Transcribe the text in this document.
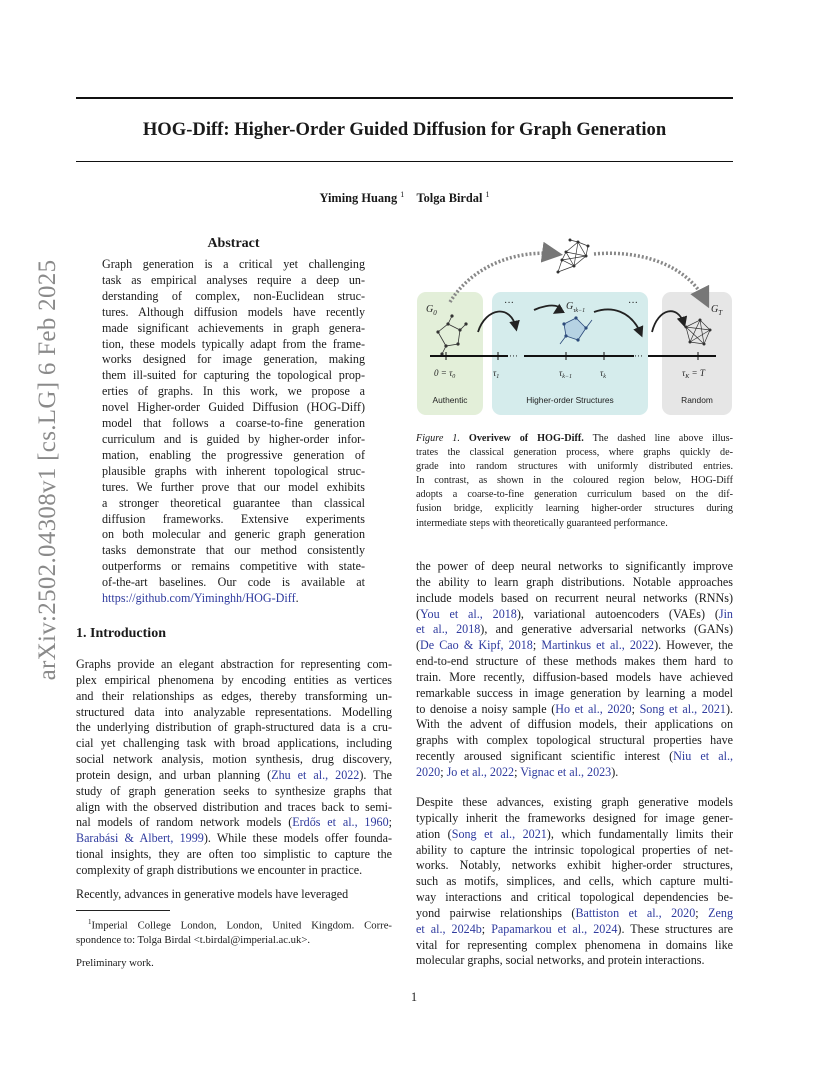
HOG-Diff: Higher-Order Guided Diffusion for Graph Generation
Yiming Huang $^1$ Tolga Birdal $^1$
arXiv:2502.04308v1 [cs.LG] 6 Feb 2025
Abstract
Graph generation is a critical yet challenging
task as empirical analyses require a deep un-
derstanding of complex, non-Euclidean struc-
tures. Although diffusion models have recently
made significant achievements in graph genera-
tion, these models typically adapt from the frame-
works designed for image generation, making
them ill-suited for capturing the topological prop-
erties of graphs. In this work, we propose a
novel Higher-order Guided Diffusion (HOG-Diff)
model that follows a coarse-to-fine generation
curriculum and is guided by higher-order infor-
mation, enabling the progressive generation of
plausible graphs with inherent topological struc-
tures. We further prove that our model exhibits
a stronger theoretical guarantee than classical
diffusion frameworks. Extensive experiments
on both molecular and generic graph generation
tasks demonstrate that our method consistently
outperforms or remains competitive with state-
of-the-art baselines. Our code is available at
https://github.com/Yiminghh/HOG-Diff.
1. Introduction
Graphs provide an elegant abstraction for representing com-
plex empirical phenomena by encoding entities as vertices
and their relationships as edges, thereby transforming un-
structured data into analyzable representations. Modelling
the underlying distribution of graph-structured data is a cru-
cial yet challenging task with broad applications, including
social network analysis, motion synthesis, drug discovery,
protein design, and urban planning (Zhu et al., 2022). The
study of graph generation seeks to synthesize graphs that
align with the observed distribution and traces back to semi-
nal models of random network models (Erdős et al., 1960;
Barabási & Albert, 1999). While these models offer founda-
tional insights, they are often too simplistic to capture the
complexity of graph distributions we encounter in practice.
Recently, advances in generative models have leveraged
$^1$Imperial College London, London, United Kingdom. Corre-
spondence to: Tolga Birdal <t.birdal@imperial.ac.uk>.
Preliminary work.
$G_0$
$G_{\tau k-1}$	$G_T$
···	···
···	···
$0 = \tau_0$	$\tau_1$	$\tau_{k-1}$	$\tau_k$	$\tau_K = T$
Authentic	Higher-order Structures	Random
Figure 1. Overivew of HOG-Diff. The dashed line above illus-
trates the classical generation process, where graphs quickly de-
grade into random structures with uniformly distributed entries.
In contrast, as shown in the coloured region below, HOG-Diff
adopts a coarse-to-fine generation curriculum based on the dif-
fusion bridge, explicitly learning higher-order structures during
intermediate steps with theoretically guaranteed performance.
the power of deep neural networks to significantly improve
the ability to learn graph distributions. Notable approaches
include models based on recurrent neural networks (RNNs)
(You et al., 2018), variational autoencoders (VAEs) (Jin
et al., 2018), and generative adversarial networks (GANs)
(De Cao & Kipf, 2018; Martinkus et al., 2022). However, the
end-to-end structure of these methods makes them hard to
train. More recently, diffusion-based models have achieved
remarkable success in image generation by learning a model
to denoise a noisy sample (Ho et al., 2020; Song et al., 2021).
With the advent of diffusion models, their applications on
graphs with complex topological structural properties have
recently aroused significant scientific interest (Niu et al.,
2020; Jo et al., 2022; Vignac et al., 2023).
Despite these advances, existing graph generative models
typically inherit the frameworks designed for image gener-
ation (Song et al., 2021), which fundamentally limits their
ability to capture the intrinsic topological properties of net-
works. Notably, networks exhibit higher-order structures,
such as motifs, simplices, and cells, which capture multi-
way interactions and critical topological dependencies be-
yond pairwise relationships (Battiston et al., 2020; Zeng
et al., 2024b; Papamarkou et al., 2024). These structures are
vital for representing complex phenomena in domains like
molecular graphs, social networks, and protein interactions.
1
